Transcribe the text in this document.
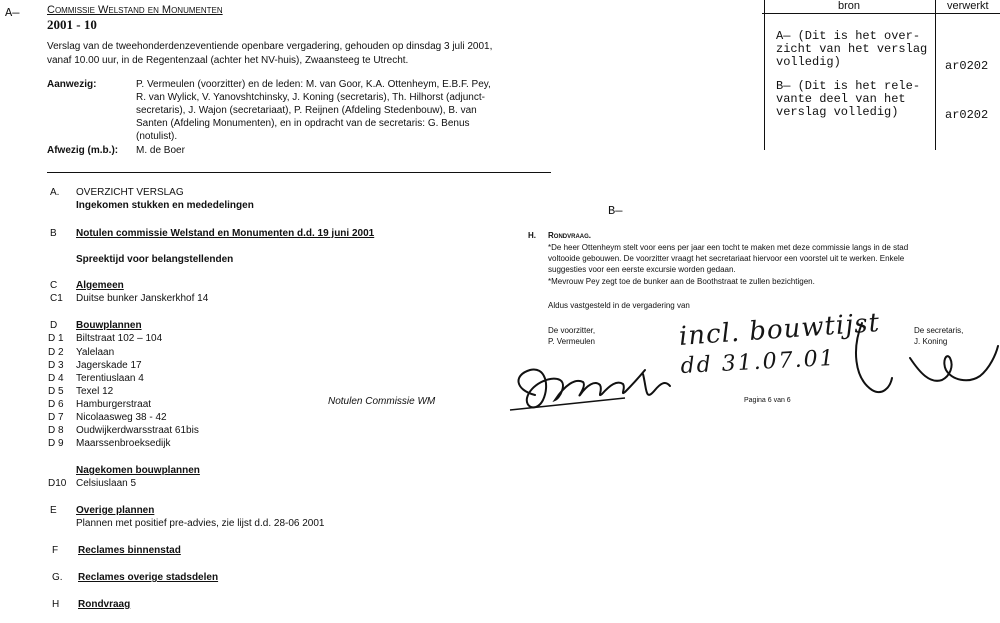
A—	Commissie Welstand en Monumenten
2001 - 10
Verslag van de tweehonderdenzeventiende openbare vergadering, gehouden op dinsdag 3 juli 2001,
vanaf 10.00 uur, in de Regentenzaal (achter het NV-huis), Zwaansteeg te Utrecht.
Aanwezig:	P. Vermeulen (voorzitter) en de leden: M. van Goor, K.A. Ottenheym, E.B.F. Pey,
R. van Wylick, V. Yanovshtchinsky, J. Koning (secretaris), Th. Hilhorst (adjunct-
secretaris), J. Wajon (secretariaat), P. Reijnen (Afdeling Stedenbouw), B. van
Santen (Afdeling Monumenten), en in opdracht van de secretaris: G. Benus
(notulist).
Afwezig (m.b.): M. de Boer
bron	verwerkt
A— (Dit is het over-
zicht van het verslag
volledig)	ar0202
B— (Dit is het rele-
vante deel van het
verslag volledig)	ar0202
A. OVERZICHT VERSLAG
Ingekomen stukken en mededelingen
B Notulen commissie Welstand en Monumenten d.d. 19 juni 2001
Spreektijd voor belangstellenden
C Algemeen
C1 Duitse bunker Janskerkhof 14
D Bouwplannen
D 1 Biltstraat 102 – 104
D 2 Yalelaan
D 3 Jagerskade 17
D 4 Terentiuslaan 4
D 5 Texel 12
D 6 Hamburgerstraat
D 7 Nicolaasweg 38 - 42
D 8 Oudwijkerdwarsstraat 61bis
D 9 Maarssenbroeksedijk
Nagekomen bouwplannen
D10 Celsiuslaan 5
E Overige plannen
Plannen met positief pre-advies, zie lijst d.d. 28-06 2001
F Reclames binnenstad
G. Reclames overige stadsdelen
H Rondvraag
Notulen Commissie WM
B—
H. Rondvraag.
*De heer Ottenheym stelt voor eens per jaar een tocht te maken met deze commissie langs in de stad
voltooide gebouwen. De voorzitter vraagt het secretariaat hiervoor een voorstel uit te werken. Enkele
suggesties voor een eerste excursie worden gedaan.
*Mevrouw Pey zegt toe de bunker aan de Boothstraat te zullen bezichtigen.
Aldus vastgesteld in de vergadering van
De voorzitter,
P. Vermeulen
De secretaris,
J. Koning
incl. bouwtijst
dd 31.07.01
Pagina 6 van 6
